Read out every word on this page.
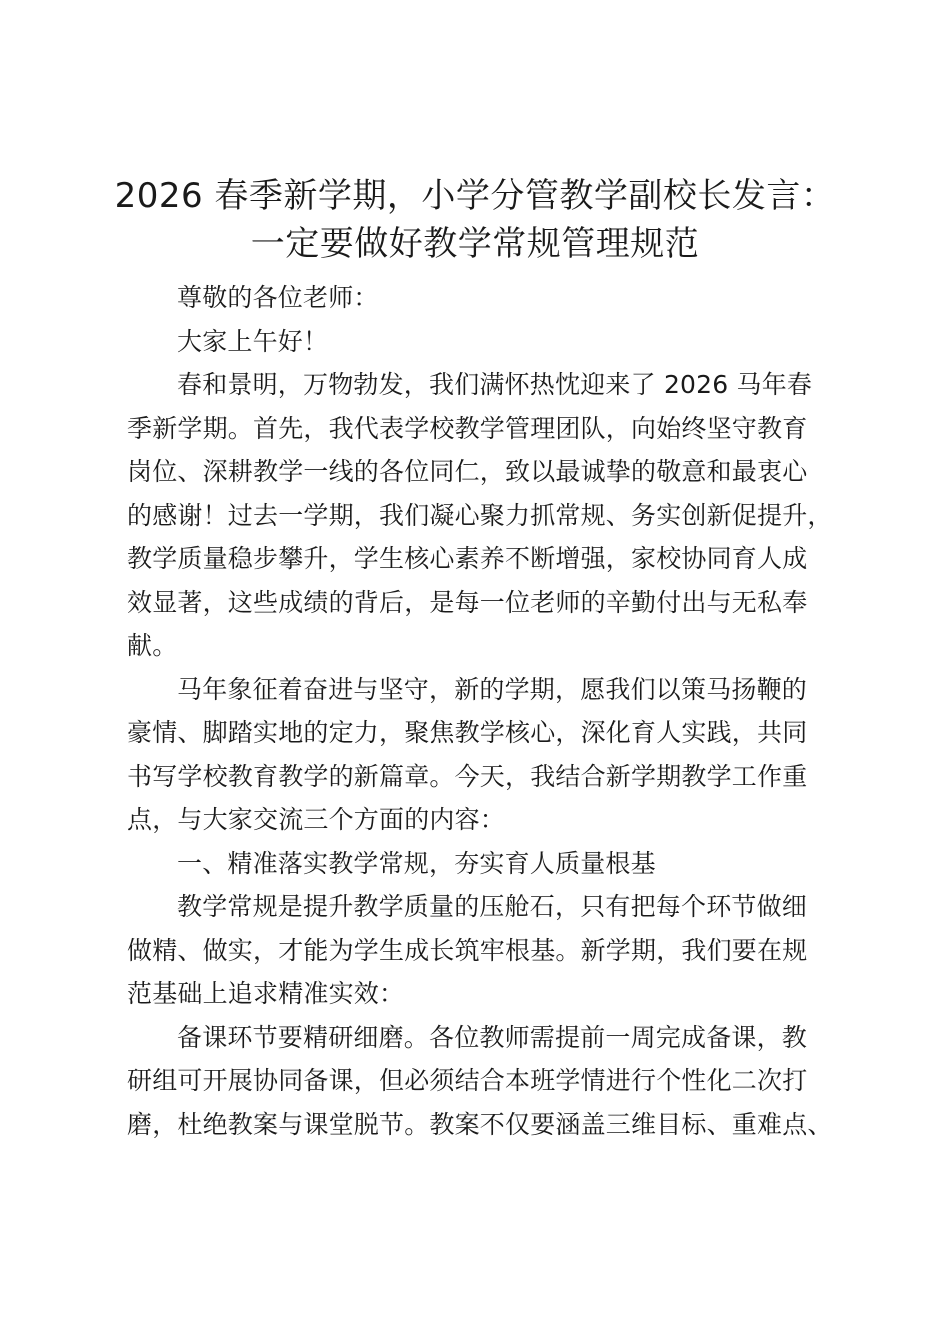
2026 春季新学期，小学分管教学副校长发言：
一定要做好教学常规管理规范
尊敬的各位老师：
大家上午好！
春和景明，万物勃发，我们满怀热忱迎来了 2026 马年春
季新学期。首先，我代表学校教学管理团队，向始终坚守教育
岗位、深耕教学一线的各位同仁，致以最诚挚的敬意和最衷心
的感谢！过去一学期，我们凝心聚力抓常规、务实创新促提升，
教学质量稳步攀升，学生核心素养不断增强，家校协同育人成
效显著，这些成绩的背后，是每一位老师的辛勤付出与无私奉
献。
马年象征着奋进与坚守，新的学期，愿我们以策马扬鞭的
豪情、脚踏实地的定力，聚焦教学核心，深化育人实践，共同
书写学校教育教学的新篇章。今天，我结合新学期教学工作重
点，与大家交流三个方面的内容：
一、精准落实教学常规，夯实育人质量根基
教学常规是提升教学质量的压舱石，只有把每个环节做细
做精、做实，才能为学生成长筑牢根基。新学期，我们要在规
范基础上追求精准实效：
备课环节要精研细磨。各位教师需提前一周完成备课，教
研组可开展协同备课，但必须结合本班学情进行个性化二次打
磨，杜绝教案与课堂脱节。教案不仅要涵盖三维目标、重难点、
